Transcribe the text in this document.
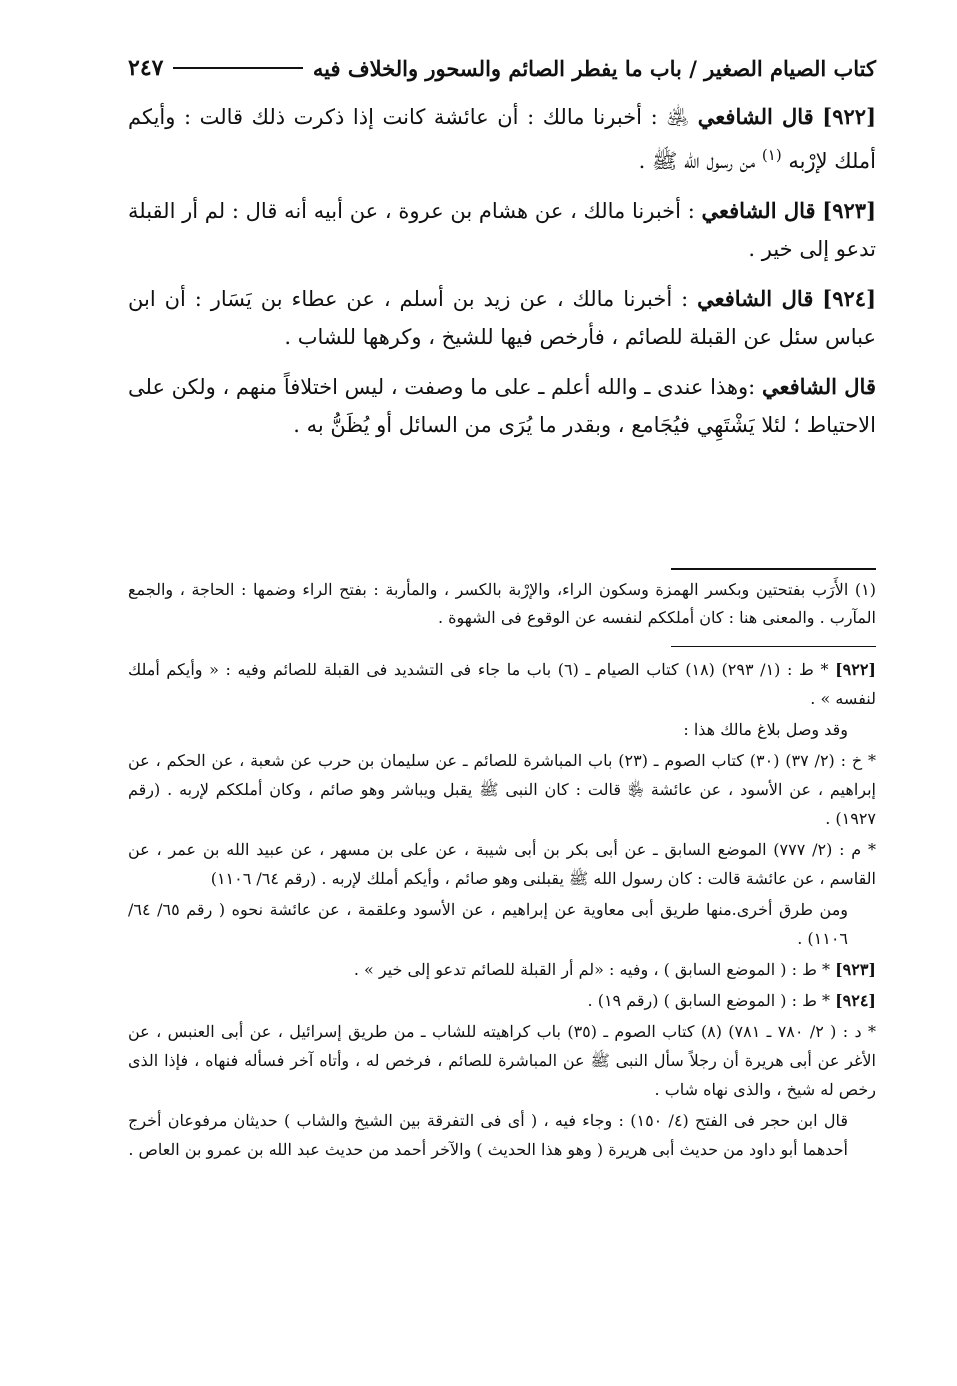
كتاب الصيام الصغير / باب ما يفطر الصائم والسحور والخلاف فيه
٢٤٧

[٩٢٢] قال الشافعي ﵁ : أخبرنا مالك : أن عائشة كانت إذا ذكرت ذلك قالت : وأيكم أملك لإرْبه $^{(١)}$ من رسول الله ﷺ .

[٩٢٣] قال الشافعي : أخبرنا مالك ، عن هشام بن عروة ، عن أبيه أنه قال : لم أر القبلة تدعو إلى خير .

[٩٢٤] قال الشافعي : أخبرنا مالك ، عن زيد بن أسلم ، عن عطاء بن يَسَار : أن ابن عباس سئل عن القبلة للصائم ، فأرخص فيها للشيخ ، وكرهها للشاب .

قال الشافعي :وهذا عندى ـ والله أعلم ـ على ما وصفت ، ليس اختلافاً منهم ، ولكن على الاحتياط ؛ لئلا يَشْتَهِي فيُجَامع ، وبقدر ما يُرَى من السائل أو يُظَنُّ به .

(١) الأَرَب بفتحتين وبكسر الهمزة وسكون الراء، والإرْبة بالكسر ، والمأربة : بفتح الراء وضمها : الحاجة ، والجمع المآرب . والمعنى هنا : كان أملككم لنفسه عن الوقوع فى الشهوة .

[٩٢٢] * ط : (١/ ٢٩٣) (١٨) كتاب الصيام ـ (٦) باب ما جاء فى التشديد فى القبلة للصائم وفيه : « وأيكم أملك لنفسه » .

وقد وصل بلاغ مالك هذا :

* خ : (٢/ ٣٧) (٣٠) كتاب الصوم ـ (٢٣) باب المباشرة للصائم ـ عن سليمان بن حرب عن شعبة ، عن الحكم ، عن إبراهيم ، عن الأسود ، عن عائشة ﵂ قالت : كان النبى ﷺ يقبل ويباشر وهو صائم ، وكان أملككم لإربه . (رقم ١٩٢٧) .

* م : (٢/ ٧٧٧) الموضع السابق ـ عن أبى بكر بن أبى شيبة ، عن على بن مسهر ، عن عبيد الله بن عمر ، عن القاسم ، عن عائشة قالت : كان رسول الله ﷺ يقبلنى وهو صائم ، وأيكم أملك لإربه . (رقم ٦٤/ ١١٠٦)

ومن طرق أخرى.منها طريق أبى معاوية عن إبراهيم ، عن الأسود وعلقمة ، عن عائشة نحوه ( رقم ٦٥/ ٦٤/ ١١٠٦) .

[٩٢٣] * ط : ( الموضع السابق ) ، وفيه : «لم أر القبلة للصائم تدعو إلى خير » .

[٩٢٤] * ط : ( الموضع السابق ) (رقم ١٩) .

* د : ( ٢/ ٧٨٠ ـ ٧٨١) (٨) كتاب الصوم ـ (٣٥) باب كراهيته للشاب ـ من طريق إسرائيل ، عن أبى العنبس ، عن الأغر عن أبى هريرة أن رجلاً سأل النبى ﷺ عن المباشرة للصائم ، فرخص له ، وأتاه آخر فسأله فنهاه ، فإذا الذى رخص له شيخ ، والذى نهاه شاب .

قال ابن حجر فى الفتح (٤/ ١٥٠) : وجاء فيه ، ( أى فى التفرقة بين الشيخ والشاب ) حديثان مرفوعان أخرج أحدهما أبو داود من حديث أبى هريرة ( وهو هذا الحديث ) والآخر أحمد من حديث عبد الله بن عمرو بن العاص .
